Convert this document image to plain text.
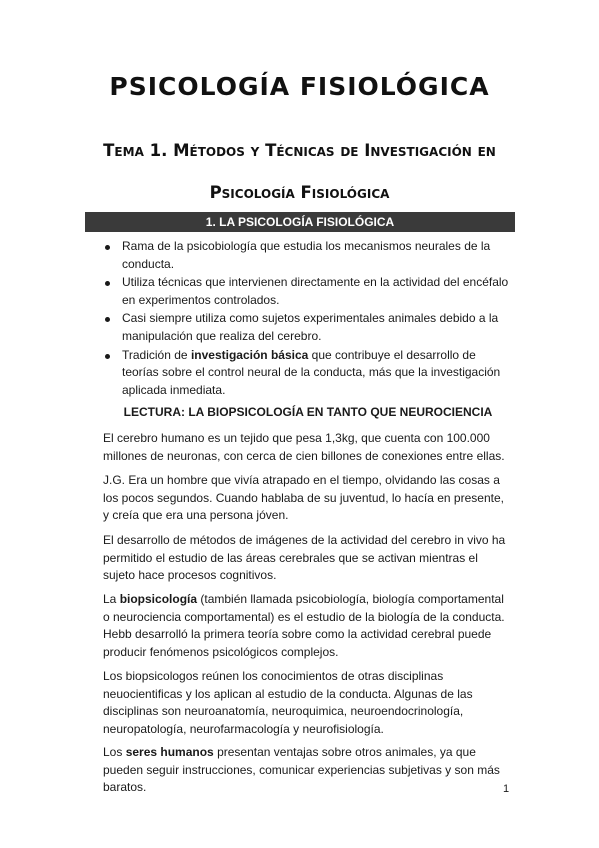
PSICOLOGÍA FISIOLÓGICA
Tema 1. Métodos y Técnicas de Investigación en Psicología Fisiológica
1. LA PSICOLOGÍA FISIOLÓGICA
Rama de la psicobiología que estudia los mecanismos neurales de la conducta.
Utiliza técnicas que intervienen directamente en la actividad del encéfalo en experimentos controlados.
Casi siempre utiliza como sujetos experimentales animales debido a la manipulación que realiza del cerebro.
Tradición de investigación básica que contribuye el desarrollo de teorías sobre el control neural de la conducta, más que la investigación aplicada inmediata.
LECTURA: LA BIOPSICOLOGÍA EN TANTO QUE NEUROCIENCIA

El cerebro humano es un tejido que pesa 1,3kg, que cuenta con 100.000 millones de neuronas, con cerca de cien billones de conexiones entre ellas.

J.G. Era un hombre que vivía atrapado en el tiempo, olvidando las cosas a los pocos segundos. Cuando hablaba de su juventud, lo hacía en presente, y creía que era una persona jóven.

El desarrollo de métodos de imágenes de la actividad del cerebro in vivo ha permitido el estudio de las áreas cerebrales que se activan mientras el sujeto hace procesos cognitivos.

La biopsicología (también llamada psicobiología, biología comportamental o neurociencia comportamental) es el estudio de la biología de la conducta. Hebb desarrolló la primera teoría sobre como la actividad cerebral puede producir fenómenos psicológicos complejos.

Los biopsicologos reúnen los conocimientos de otras disciplinas neuocientificas y los aplican al estudio de la conducta. Algunas de las disciplinas son neuroanatomía, neuroquimica, neuroendocrinología, neuropatología, neurofarmacología y neurofisiología.

Los seres humanos presentan ventajas sobre otros animales, ya que pueden seguir instrucciones, comunicar experiencias subjetivas y son más baratos.	1
